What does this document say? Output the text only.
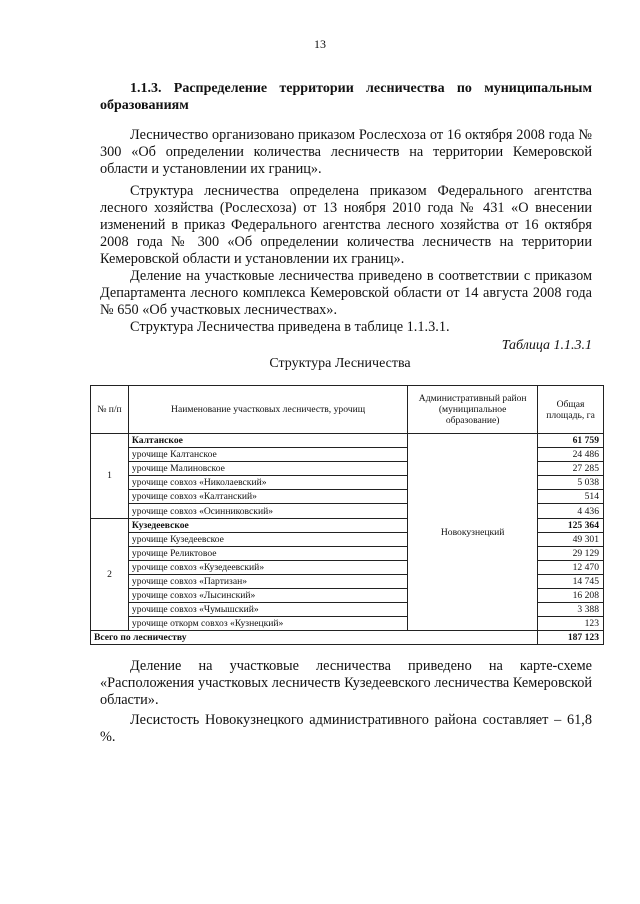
13
1.1.3. Распределение территории лесничества по муниципальным образованиям
Лесничество организовано приказом Рослесхоза от 16 октября 2008 года № 300 «Об определении количества лесничеств на территории Кемеровской области и установлении их границ».
Структура лесничества определена приказом Федерального агентства лесного хозяйства (Рослесхоза) от 13 ноября 2010 года № 431 «О внесении изменений в приказ Федерального агентства лесного хозяйства от 16 октября 2008 года № 300 «Об определении количества лесничеств на территории Кемеровской области и установлении их границ».
Деление на участковые лесничества приведено в соответствии с приказом Департамента лесного комплекса Кемеровской области от 14 августа 2008 года № 650 «Об участковых лесничествах».
Структура Лесничества приведена в таблице 1.1.3.1.
Таблица 1.1.3.1
Структура Лесничества
№ п/п	Наименование участковых лесничеств, урочищ	Административный район (муниципальное образование)	Общая площадь, га
1	Калтанское	Новокузнецкий	61 759
	урочище Калтанское		24 486
	урочище Малиновское		27 285
	урочище совхоз «Николаевский»		5 038
	урочище совхоз «Калтанский»		514
	урочище совхоз «Осинниковский»		4 436
2	Кузедеевское		125 364
	урочище Кузедеевское		49 301
	урочище Реликтовое		29 129
	урочище совхоз «Кузедеевский»		12 470
	урочище совхоз «Партизан»		14 745
	урочище совхоз «Лысинский»		16 208
	урочище совхоз «Чумышский»		3 388
	урочище откорм совхоз «Кузнецкий»		123
Всего по лесничеству			187 123
Деление на участковые лесничества приведено на карте-схеме «Расположения участковых лесничеств Кузедеевского лесничества Кемеровской области».
Лесистость Новокузнецкого административного района составляет – 61,8 %.
